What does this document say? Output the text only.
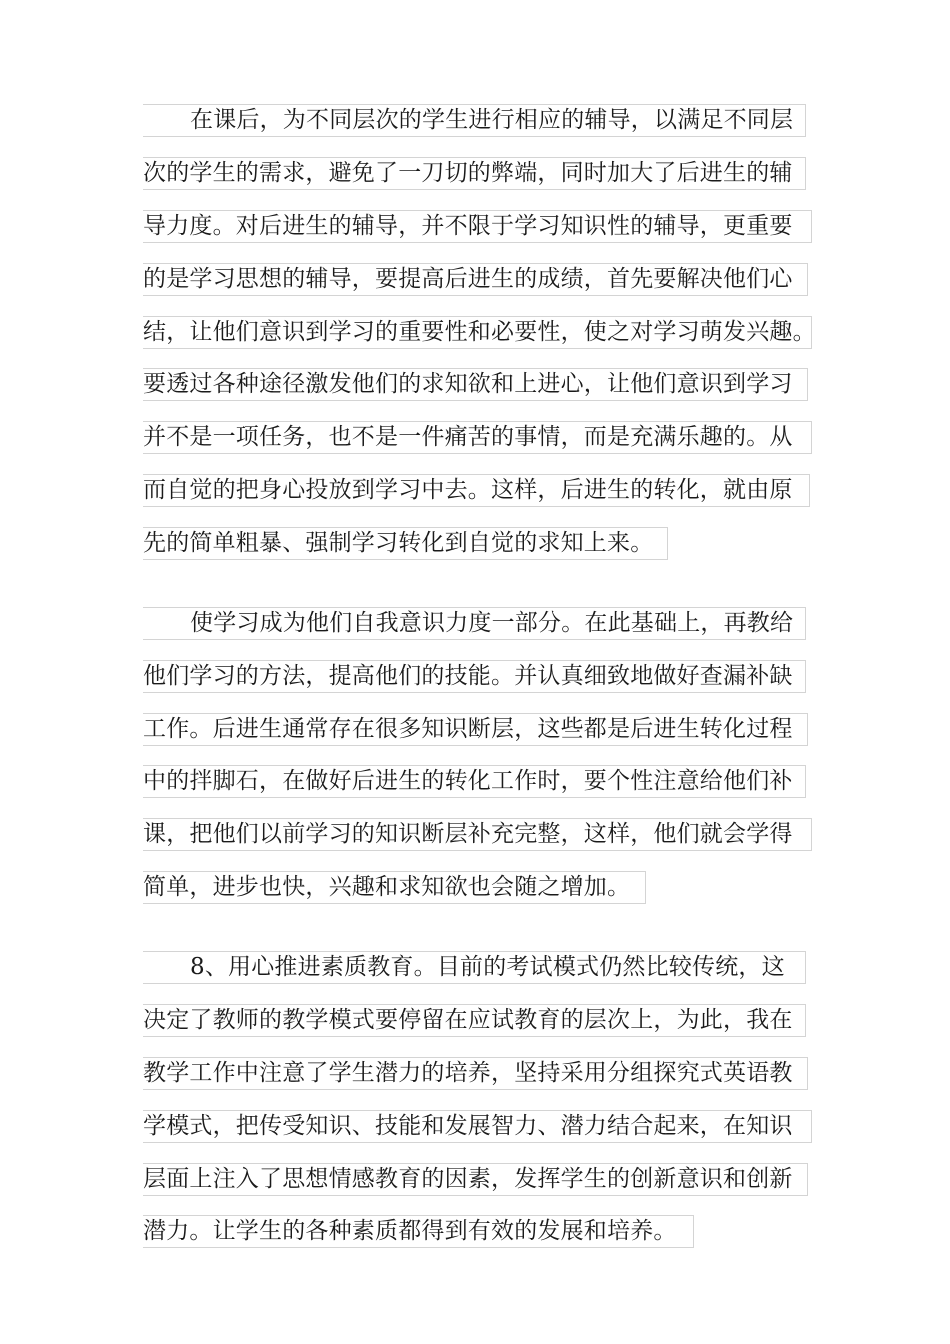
在课后，为不同层次的学生进行相应的辅导，以满足不同层
次的学生的需求，避免了一刀切的弊端，同时加大了后进生的辅
导力度。对后进生的辅导，并不限于学习知识性的辅导，更重要
的是学习思想的辅导，要提高后进生的成绩，首先要解决他们心
结，让他们意识到学习的重要性和必要性，使之对学习萌发兴趣。
要透过各种途径激发他们的求知欲和上进心，让他们意识到学习
并不是一项任务，也不是一件痛苦的事情，而是充满乐趣的。从
而自觉的把身心投放到学习中去。这样，后进生的转化，就由原
先的简单粗暴、强制学习转化到自觉的求知上来。
使学习成为他们自我意识力度一部分。在此基础上，再教给
他们学习的方法，提高他们的技能。并认真细致地做好查漏补缺
工作。后进生通常存在很多知识断层，这些都是后进生转化过程
中的拌脚石，在做好后进生的转化工作时，要个性注意给他们补
课，把他们以前学习的知识断层补充完整，这样，他们就会学得
简单，进步也快，兴趣和求知欲也会随之增加。
8、用心推进素质教育。目前的考试模式仍然比较传统，这
决定了教师的教学模式要停留在应试教育的层次上，为此，我在
教学工作中注意了学生潜力的培养，坚持采用分组探究式英语教
学模式，把传受知识、技能和发展智力、潜力结合起来，在知识
层面上注入了思想情感教育的因素，发挥学生的创新意识和创新
潜力。让学生的各种素质都得到有效的发展和培养。
